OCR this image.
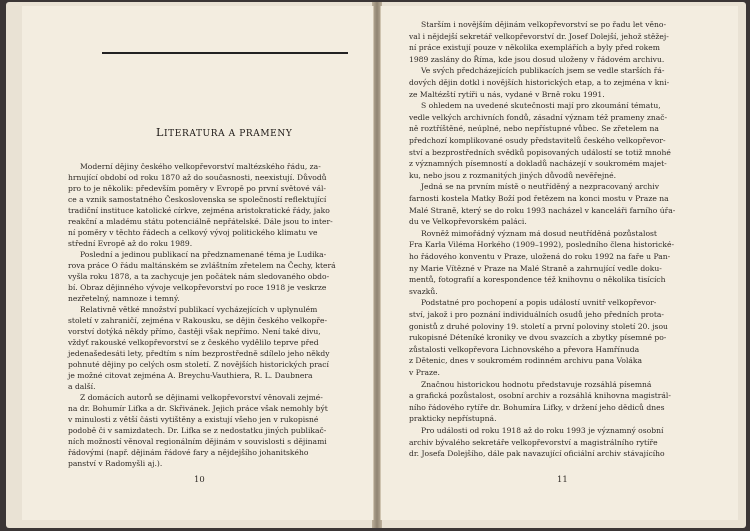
LITERATURA A PRAMENY
Moderní dějiny českého velkopřevorství maltézského řádu, za-
hrnující období od roku 1870 až do současnosti, neexistují. Důvodů
pro to je několik: především poměry v Evropě po první světové vál-
ce a vznik samostatného Československa se společností reflektující
tradiční instituce katolické církve, zejména aristokratické řády, jako
reakční a mladému státu potenciálně nepřátelské. Dále jsou to inter-
ní poměry v těchto řádech a celkový vývoj politického klimatu ve
střední Evropě až do roku 1989.
Poslední a jedinou publikací na předznamenané téma je Ludika-
rova práce O řádu maltánském se zvláštním zřetelem na Čechy, která
vyšla roku 1878, a ta zachycuje jen počátek nám sledovaného obdo-
bí. Obraz dějinného vývoje velkopřevorství po roce 1918 je veskrze
nezřetelný, namnoze i temný.
Relativně větké množství publikací vycházejících v uplynulém
století v zahraničí, zejména v Rakousku, se dějin českého velkopře-
vorství dotýká někdy přímo, častěji však nepřímo. Není také divu,
vždyť rakouské velkopřevorství se z českého vydělilo teprve před
jedenašedesáti lety, předtím s ním bezprostředně sdílelo jeho někdy
pohnuté dějiny po celých osm století. Z novějších historických prací
je možné citovat zejména A. Breychu-Vauthiera, R. L. Daubnera
a další.
Z domácích autorů se dějinami velkopřevorství věnovali zejmé-
na dr. Bohumír Lifka a dr. Skřivánek. Jejich práce však nemohly být
v minulosti z větší části vytištěny a existují všeho jen v rukopisné
podobě či v samizdatech. Dr. Lifka se z nedostatku jiných publikač-
ních možností věnoval regionálním dějinám v souvislosti s dějinami
řádovými (např. dějinám řádové fary a nějdejšího johanitského
panství v Radomyšli aj.).
10
Starším i novějším dějinám velkopřevorství se po řadu let věno-
val i nějdejší sekretář velkopřevorství dr. Josef Dolejší, jehož stěžej-
ní práce existují pouze v několika exemplářích a byly před rokem
1989 zaslány do Říma, kde jsou dosud uloženy v řádovém archivu.
Ve svých předcházejících publikacích jsem se vedle starších řá-
dových dějin dotkl i novějších historických etap, a to zejména v kni-
ze Maltézští rytíři u nás, vydané v Brně roku 1991.
S ohledem na uvedené skutečnosti mají pro zkoumání tématu,
vedle velkých archivních fondů, zásadní význam též prameny znač-
ně roztříštěné, neúplné, nebo nepřístupné vůbec. Se zřetelem na
předchozí komplikované osudy představitelů českého velkopřevor-
ství a bezprostředních svědků popisovaných událostí se totiž mnohé
z významných písemností a dokladů nacházejí v soukromém majet-
ku, nebo jsou z rozmanitých jiných důvodů nevěřejné.
Jedná se na prvním místě o neutříděný a nezpracovaný archiv
farnosti kostela Matky Boží pod řetězem na konci mostu v Praze na
Malé Straně, který se do roku 1993 nacházel v kanceláři farního úřa-
du ve Velkopřevorském paláci.
Rovněž mimořádný význam má dosud neutříděná pozůstalost
Fra Karla Viléma Horkého (1909–1992), posledního člena historické-
ho řádového konventu v Praze, uložená do roku 1992 na faře u Pan-
ny Marie Vítězné v Praze na Malé Straně a zahrnující vedle doku-
mentů, fotografií a korespondence též knihovnu o několika tisících
svazků.
Podstatné pro pochopení a popis událostí uvnitř velkopřevor-
ství, jakož i pro poznání individuálních osudů jeho předních prota-
gonistů z druhé poloviny 19. století a první poloviny století 20. jsou
rukopisné Déteníké kroniky ve dvou svazcích a zbytky písemné po-
zůstalosti velkopřevora Lichnovského a převora Hamřínuda
z Dětenic, dnes v soukromém rodinném archivu pana Voláka
v Praze.
Značnou historickou hodnotu představuje rozsáhlá písemná
a grafická pozůstalost, osobní archiv a rozsáhlá knihovna magistrál-
ního řádového rytíře dr. Bohumíra Lifky, v držení jeho dědiců dnes
prakticky nepřístupná.
Pro události od roku 1918 až do roku 1993 je významný osobní
archiv bývalého sekretáře velkopřevorství a magistrálního rytíře
dr. Josefa Dolejšího, dále pak navazující oficiální archiv stávajícího
11
